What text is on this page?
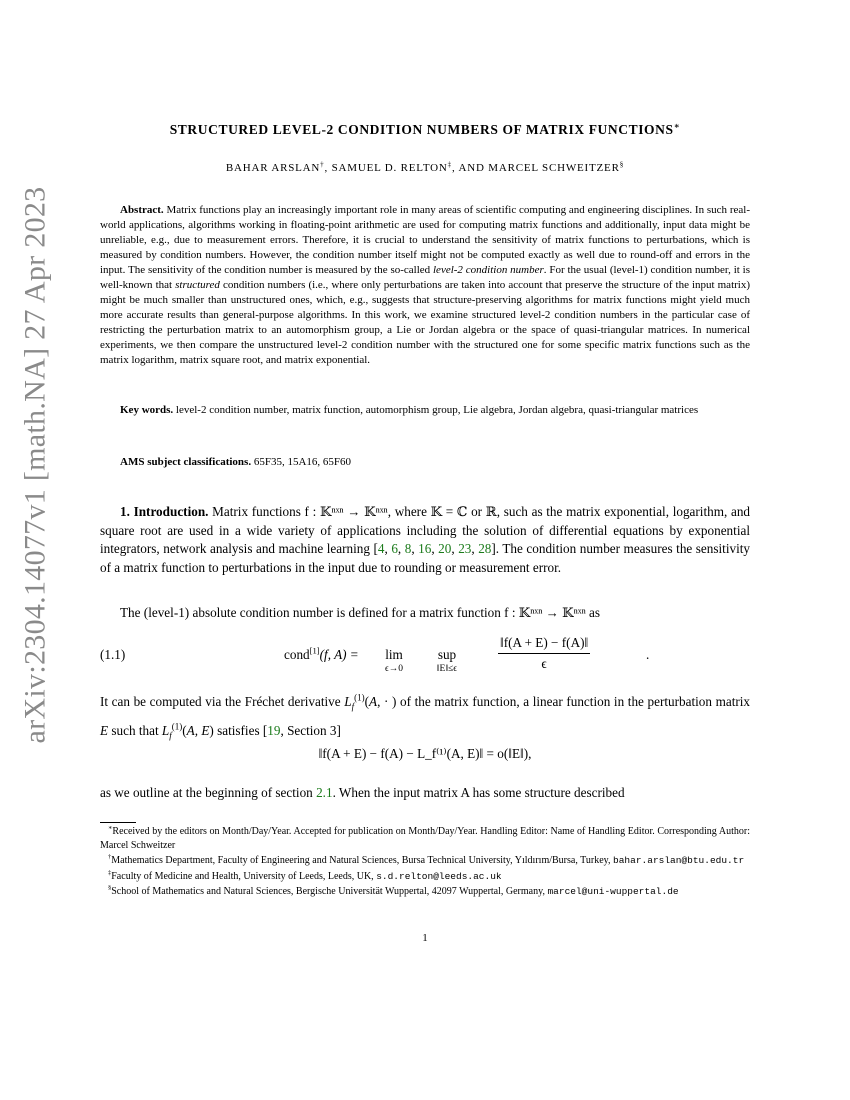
arXiv:2304.14077v1 [math.NA] 27 Apr 2023
STRUCTURED LEVEL-2 CONDITION NUMBERS OF MATRIX FUNCTIONS∗
BAHAR ARSLAN†, SAMUEL D. RELTON‡, AND MARCEL SCHWEITZER§
Abstract. Matrix functions play an increasingly important role in many areas of scientific computing and engineering disciplines. In such real-world applications, algorithms working in floating-point arithmetic are used for computing matrix functions and additionally, input data might be unreliable, e.g., due to measurement errors. Therefore, it is crucial to understand the sensitivity of matrix functions to perturbations, which is measured by condition numbers. However, the condition number itself might not be computed exactly as well due to round-off and errors in the input. The sensitivity of the condition number is measured by the so-called level-2 condition number. For the usual (level-1) condition number, it is well-known that structured condition numbers (i.e., where only perturbations are taken into account that preserve the structure of the input matrix) might be much smaller than unstructured ones, which, e.g., suggests that structure-preserving algorithms for matrix functions might yield much more accurate results than general-purpose algorithms. In this work, we examine structured level-2 condition numbers in the particular case of restricting the perturbation matrix to an automorphism group, a Lie or Jordan algebra or the space of quasi-triangular matrices. In numerical experiments, we then compare the unstructured level-2 condition number with the structured one for some specific matrix functions such as the matrix logarithm, matrix square root, and matrix exponential.
Key words. level-2 condition number, matrix function, automorphism group, Lie algebra, Jordan algebra, quasi-triangular matrices
AMS subject classifications. 65F35, 15A16, 65F60
1. Introduction. Matrix functions f : 𝕂ⁿˣⁿ → 𝕂ⁿˣⁿ, where 𝕂 = ℂ or ℝ, such as the matrix exponential, logarithm, and square root are used in a wide variety of applications including the solution of differential equations by exponential integrators, network analysis and machine learning [4, 6, 8, 16, 20, 23, 28]. The condition number measures the sensitivity of a matrix function to perturbations in the input due to rounding or measurement error.
The (level-1) absolute condition number is defined for a matrix function f : 𝕂ⁿˣⁿ → 𝕂ⁿˣⁿ as
(1.1)	cond[1](f, A) =	lim
ϵ→0
sup
‖E‖≤ϵ	$\frac{‖f(A + E) - f(A)‖}{\epsilon}$	.
It can be computed via the Fréchet derivative $L_f^{(1)}(A$, · ) of the matrix function, a linear function in the perturbation matrix E such that $L_f^{(1)}(A$, E) satisfies [19, Section 3]
‖f(A + E) − f(A) − L_f⁽¹⁾(A, E)‖ = o(‖E‖),
as we outline at the beginning of section 2.1. When the input matrix A has some structure described

∗Received by the editors on Month/Day/Year. Accepted for publication on Month/Day/Year. Handling Editor: Name of Handling Editor. Corresponding Author: Marcel Schweitzer

†Mathematics Department, Faculty of Engineering and Natural Sciences, Bursa Technical University, Yıldırım/Bursa, Turkey, bahar.arslan@btu.edu.tr

‡Faculty of Medicine and Health, University of Leeds, Leeds, UK, s.d.relton@leeds.ac.uk

§School of Mathematics and Natural Sciences, Bergische Universität Wuppertal, 42097 Wuppertal, Germany, marcel@uni-wuppertal.de

1
